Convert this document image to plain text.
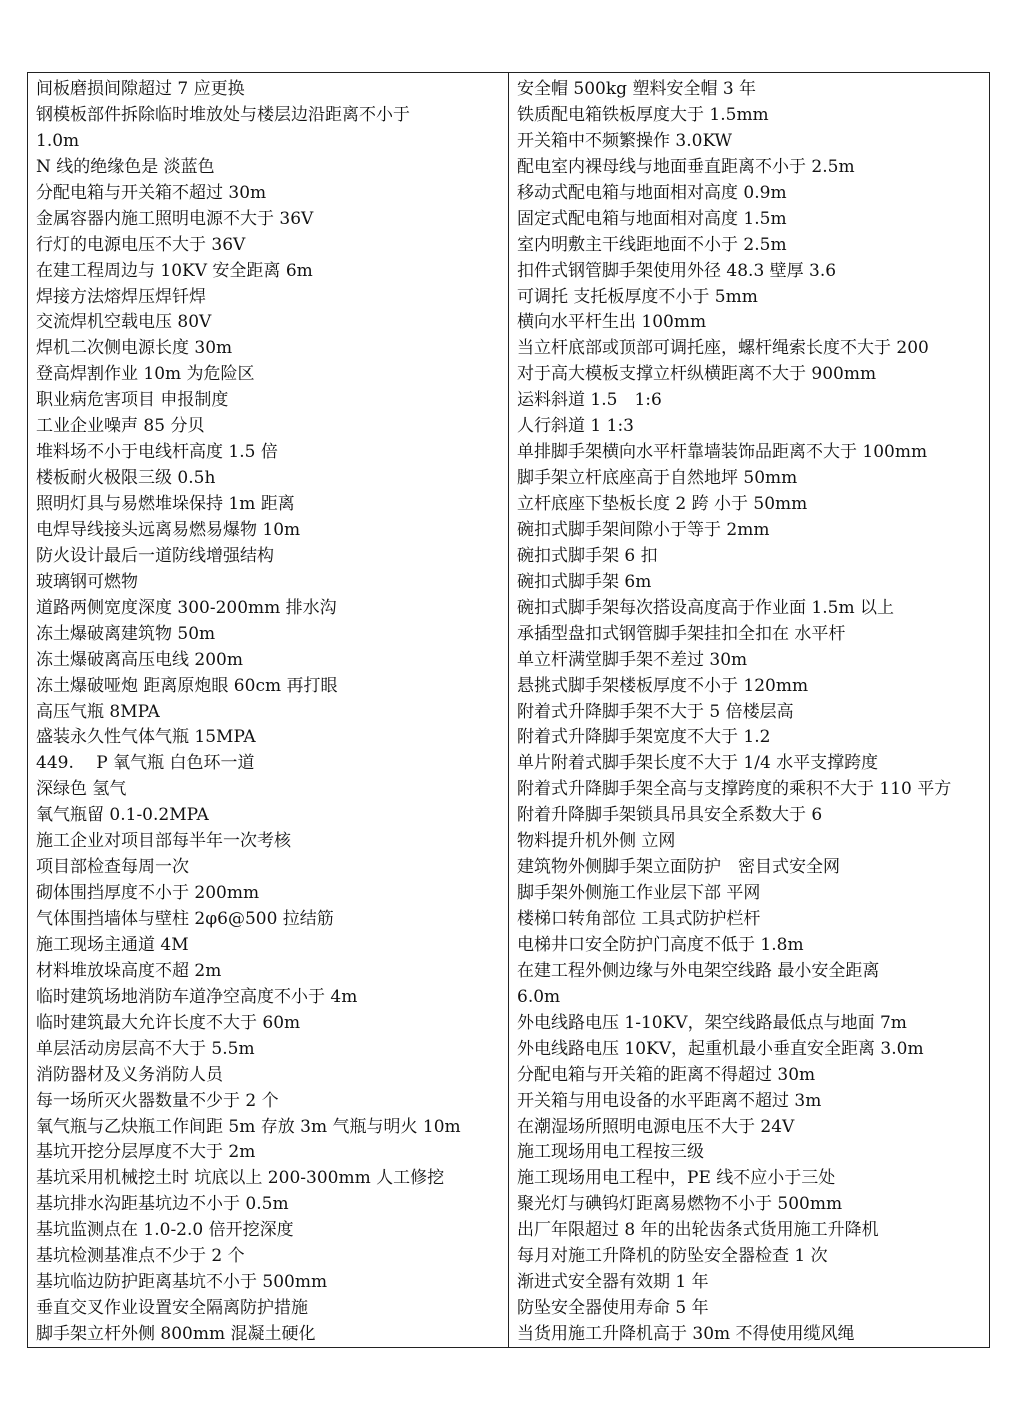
间板磨损间隙超过 7 应更换
钢模板部件拆除临时堆放处与楼层边沿距离不小于
1.0m
N 线的绝缘色是 淡蓝色
分配电箱与开关箱不超过 30m
金属容器内施工照明电源不大于 36V
行灯的电源电压不大于 36V
在建工程周边与 10KV 安全距离 6m
焊接方法熔焊压焊钎焊
交流焊机空载电压 80V
焊机二次侧电源长度 30m
登高焊割作业 10m 为危险区
职业病危害项目 申报制度
工业企业噪声 85 分贝
堆料场不小于电线杆高度 1.5 倍
楼板耐火极限三级 0.5h
照明灯具与易燃堆垛保持 1m 距离
电焊导线接头远离易燃易爆物 10m
防火设计最后一道防线增强结构
玻璃钢可燃物
道路两侧宽度深度 300-200mm 排水沟
冻土爆破离建筑物 50m
冻土爆破离高压电线 200m
冻土爆破哑炮 距离原炮眼 60cm 再打眼
高压气瓶 8MPA
盛装永久性气体气瓶 15MPA
449.　 P 氧气瓶 白色环一道
深绿色 氢气
氧气瓶留 0.1-0.2MPA
施工企业对项目部每半年一次考核
项目部检查每周一次
砌体围挡厚度不小于 200mm
气体围挡墙体与壁柱 2φ6@500 拉结筋
施工现场主通道 4M
材料堆放垛高度不超 2m
临时建筑场地消防车道净空高度不小于 4m
临时建筑最大允许长度不大于 60m
单层活动房层高不大于 5.5m
消防器材及义务消防人员
每一场所灭火器数量不少于 2 个
氧气瓶与乙炔瓶工作间距 5m 存放 3m 气瓶与明火 10m
基坑开挖分层厚度不大于 2m
基坑采用机械挖土时 坑底以上 200-300mm 人工修挖
基坑排水沟距基坑边不小于 0.5m
基坑监测点在 1.0-2.0 倍开挖深度
基坑检测基准点不少于 2 个
基坑临边防护距离基坑不小于 500mm
垂直交叉作业设置安全隔离防护措施
脚手架立杆外侧 800mm 混凝土硬化
安全帽 500kg 塑料安全帽 3 年
铁质配电箱铁板厚度大于 1.5mm
开关箱中不频繁操作 3.0KW
配电室内裸母线与地面垂直距离不小于 2.5m
移动式配电箱与地面相对高度 0.9m
固定式配电箱与地面相对高度 1.5m
室内明敷主干线距地面不小于 2.5m
扣件式钢管脚手架使用外径 48.3 壁厚 3.6
可调托 支托板厚度不小于 5mm
横向水平杆生出 100mm
当立杆底部或顶部可调托座，螺杆绳索长度不大于 200
对于高大模板支撑立杆纵横距离不大于 900mm
运料斜道 1.5　1:6
人行斜道 1 1:3
单排脚手架横向水平杆靠墙装饰品距离不大于 100mm
脚手架立杆底座高于自然地坪 50mm
立杆底座下垫板长度 2 跨 小于 50mm
碗扣式脚手架间隙小于等于 2mm
碗扣式脚手架 6 扣
碗扣式脚手架 6m
碗扣式脚手架每次搭设高度高于作业面 1.5m 以上
承插型盘扣式钢管脚手架挂扣全扣在 水平杆
单立杆满堂脚手架不差过 30m
悬挑式脚手架楼板厚度不小于 120mm
附着式升降脚手架不大于 5 倍楼层高
附着式升降脚手架宽度不大于 1.2
单片附着式脚手架长度不大于 1/4 水平支撑跨度
附着式升降脚手架全高与支撑跨度的乘积不大于 110 平方
附着升降脚手架锁具吊具安全系数大于 6
物料提升机外侧 立网
建筑物外侧脚手架立面防护　密目式安全网
脚手架外侧施工作业层下部 平网
楼梯口转角部位 工具式防护栏杆
电梯井口安全防护门高度不低于 1.8m
在建工程外侧边缘与外电架空线路 最小安全距离
6.0m
外电线路电压 1-10KV，架空线路最低点与地面 7m
外电线路电压 10KV，起重机最小垂直安全距离 3.0m
分配电箱与开关箱的距离不得超过 30m
开关箱与用电设备的水平距离不超过 3m
在潮湿场所照明电源电压不大于 24V
施工现场用电工程按三级
施工现场用电工程中，PE 线不应小于三处
聚光灯与碘钨灯距离易燃物不小于 500mm
出厂年限超过 8 年的出轮齿条式货用施工升降机
每月对施工升降机的防坠安全器检查 1 次
渐进式安全器有效期 1 年
防坠安全器使用寿命 5 年
当货用施工升降机高于 30m 不得使用缆风绳
